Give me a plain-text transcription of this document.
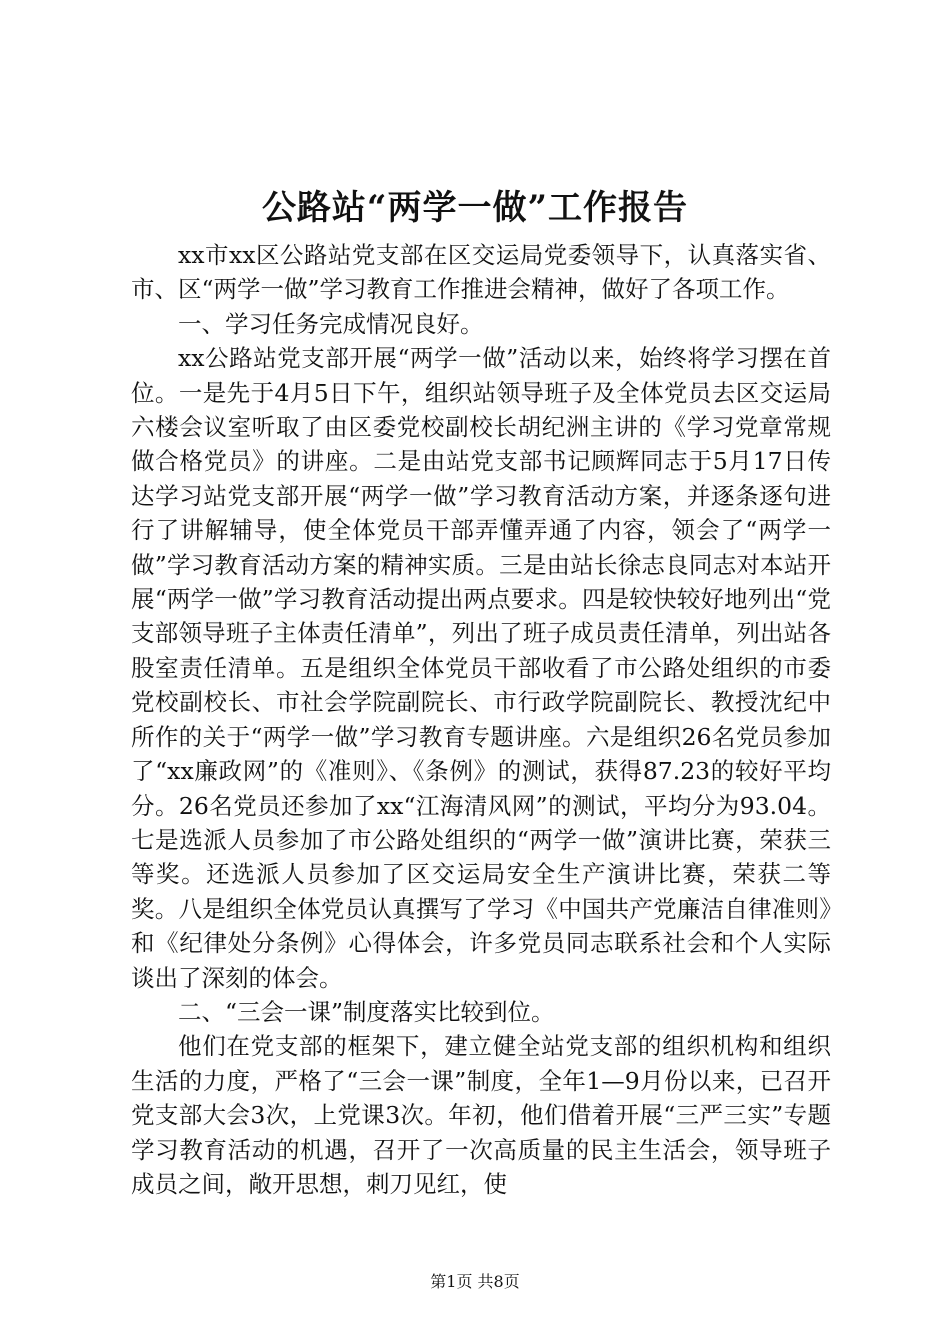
公路站“两学一做”工作报告

xx市xx区公路站党支部在区交运局党委领导下，认真落实省、市、区“两学一做”学习教育工作推进会精神，做好了各项工作。

一、学习任务完成情况良好。

xx公路站党支部开展“两学一做”活动以来，始终将学习摆在首位。一是先于4月5日下午，组织站领导班子及全体党员去区交运局六楼会议室听取了由区委党校副校长胡纪洲主讲的《学习党章常规做合格党员》的讲座。二是由站党支部书记顾辉同志于5月17日传达学习站党支部开展“两学一做”学习教育活动方案，并逐条逐句进行了讲解辅导，使全体党员干部弄懂弄通了内容，领会了“两学一做”学习教育活动方案的精神实质。三是由站长徐志良同志对本站开展“两学一做”学习教育活动提出两点要求。四是较快较好地列出“党支部领导班子主体责任清单”，列出了班子成员责任清单，列出站各股室责任清单。五是组织全体党员干部收看了市公路处组织的市委党校副校长、市社会学院副院长、市行政学院副院长、教授沈纪中所作的关于“两学一做”学习教育专题讲座。六是组织26名党员参加了“xx廉政网”的《准则》、《条例》的测试，获得87.23的较好平均分。26名党员还参加了xx“江海清风网”的测试，平均分为93.04。七是选派人员参加了市公路处组织的“两学一做”演讲比赛，荣获三等奖。还选派人员参加了区交运局安全生产演讲比赛，荣获二等奖。八是组织全体党员认真撰写了学习《中国共产党廉洁自律准则》和《纪律处分条例》心得体会，许多党员同志联系社会和个人实际谈出了深刻的体会。

二、“三会一课”制度落实比较到位。

他们在党支部的框架下，建立健全站党支部的组织机构和组织生活的力度，严格了“三会一课”制度，全年1—9月份以来，已召开党支部大会3次，上党课3次。年初，他们借着开展“三严三实”专题学习教育活动的机遇，召开了一次高质量的民主生活会，领导班子成员之间，敞开思想，刺刀见红，使

第1页 共8页
